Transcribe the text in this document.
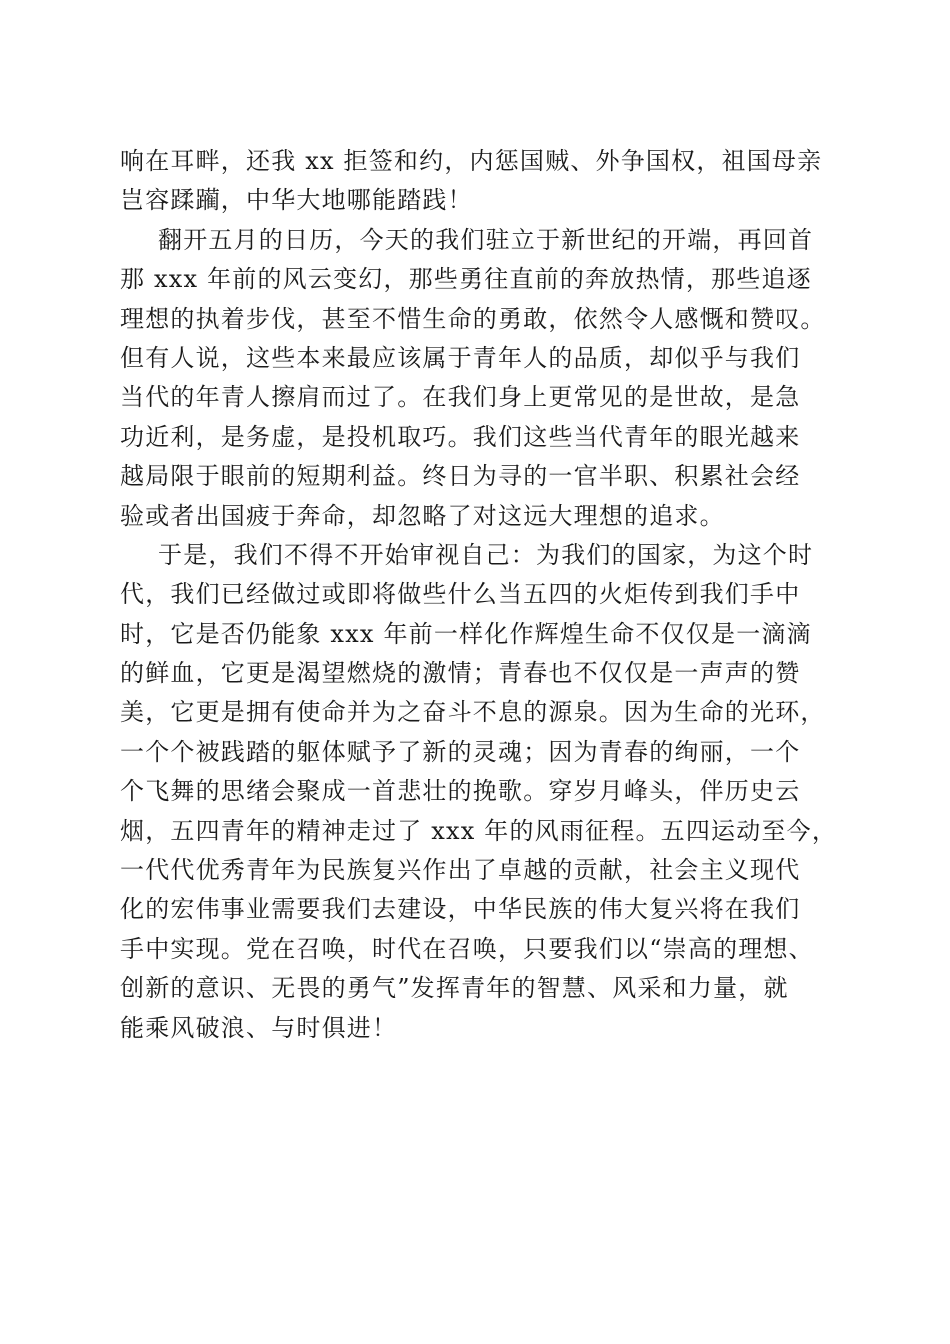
响在耳畔，还我 xx 拒签和约，内惩国贼、外争国权，祖国母亲
岂容蹂躏，中华大地哪能踏践！
翻开五月的日历，今天的我们驻立于新世纪的开端，再回首
那 xxx 年前的风云变幻，那些勇往直前的奔放热情，那些追逐
理想的执着步伐，甚至不惜生命的勇敢，依然令人感慨和赞叹。
但有人说，这些本来最应该属于青年人的品质，却似乎与我们
当代的年青人擦肩而过了。在我们身上更常见的是世故，是急
功近利，是务虚，是投机取巧。我们这些当代青年的眼光越来
越局限于眼前的短期利益。终日为寻的一官半职、积累社会经
验或者出国疲于奔命，却忽略了对这远大理想的追求。
于是，我们不得不开始审视自己：为我们的国家，为这个时
代，我们已经做过或即将做些什么当五四的火炬传到我们手中
时，它是否仍能象 xxx 年前一样化作辉煌生命不仅仅是一滴滴
的鲜血，它更是渴望燃烧的激情；青春也不仅仅是一声声的赞
美，它更是拥有使命并为之奋斗不息的源泉。因为生命的光环，
一个个被践踏的躯体赋予了新的灵魂；因为青春的绚丽，一个
个飞舞的思绪会聚成一首悲壮的挽歌。穿岁月峰头，伴历史云
烟，五四青年的精神走过了 xxx 年的风雨征程。五四运动至今，
一代代优秀青年为民族复兴作出了卓越的贡献，社会主义现代
化的宏伟事业需要我们去建设，中华民族的伟大复兴将在我们
手中实现。党在召唤，时代在召唤，只要我们以“崇高的理想、
创新的意识、无畏的勇气”发挥青年的智慧、风采和力量，就
能乘风破浪、与时俱进！
